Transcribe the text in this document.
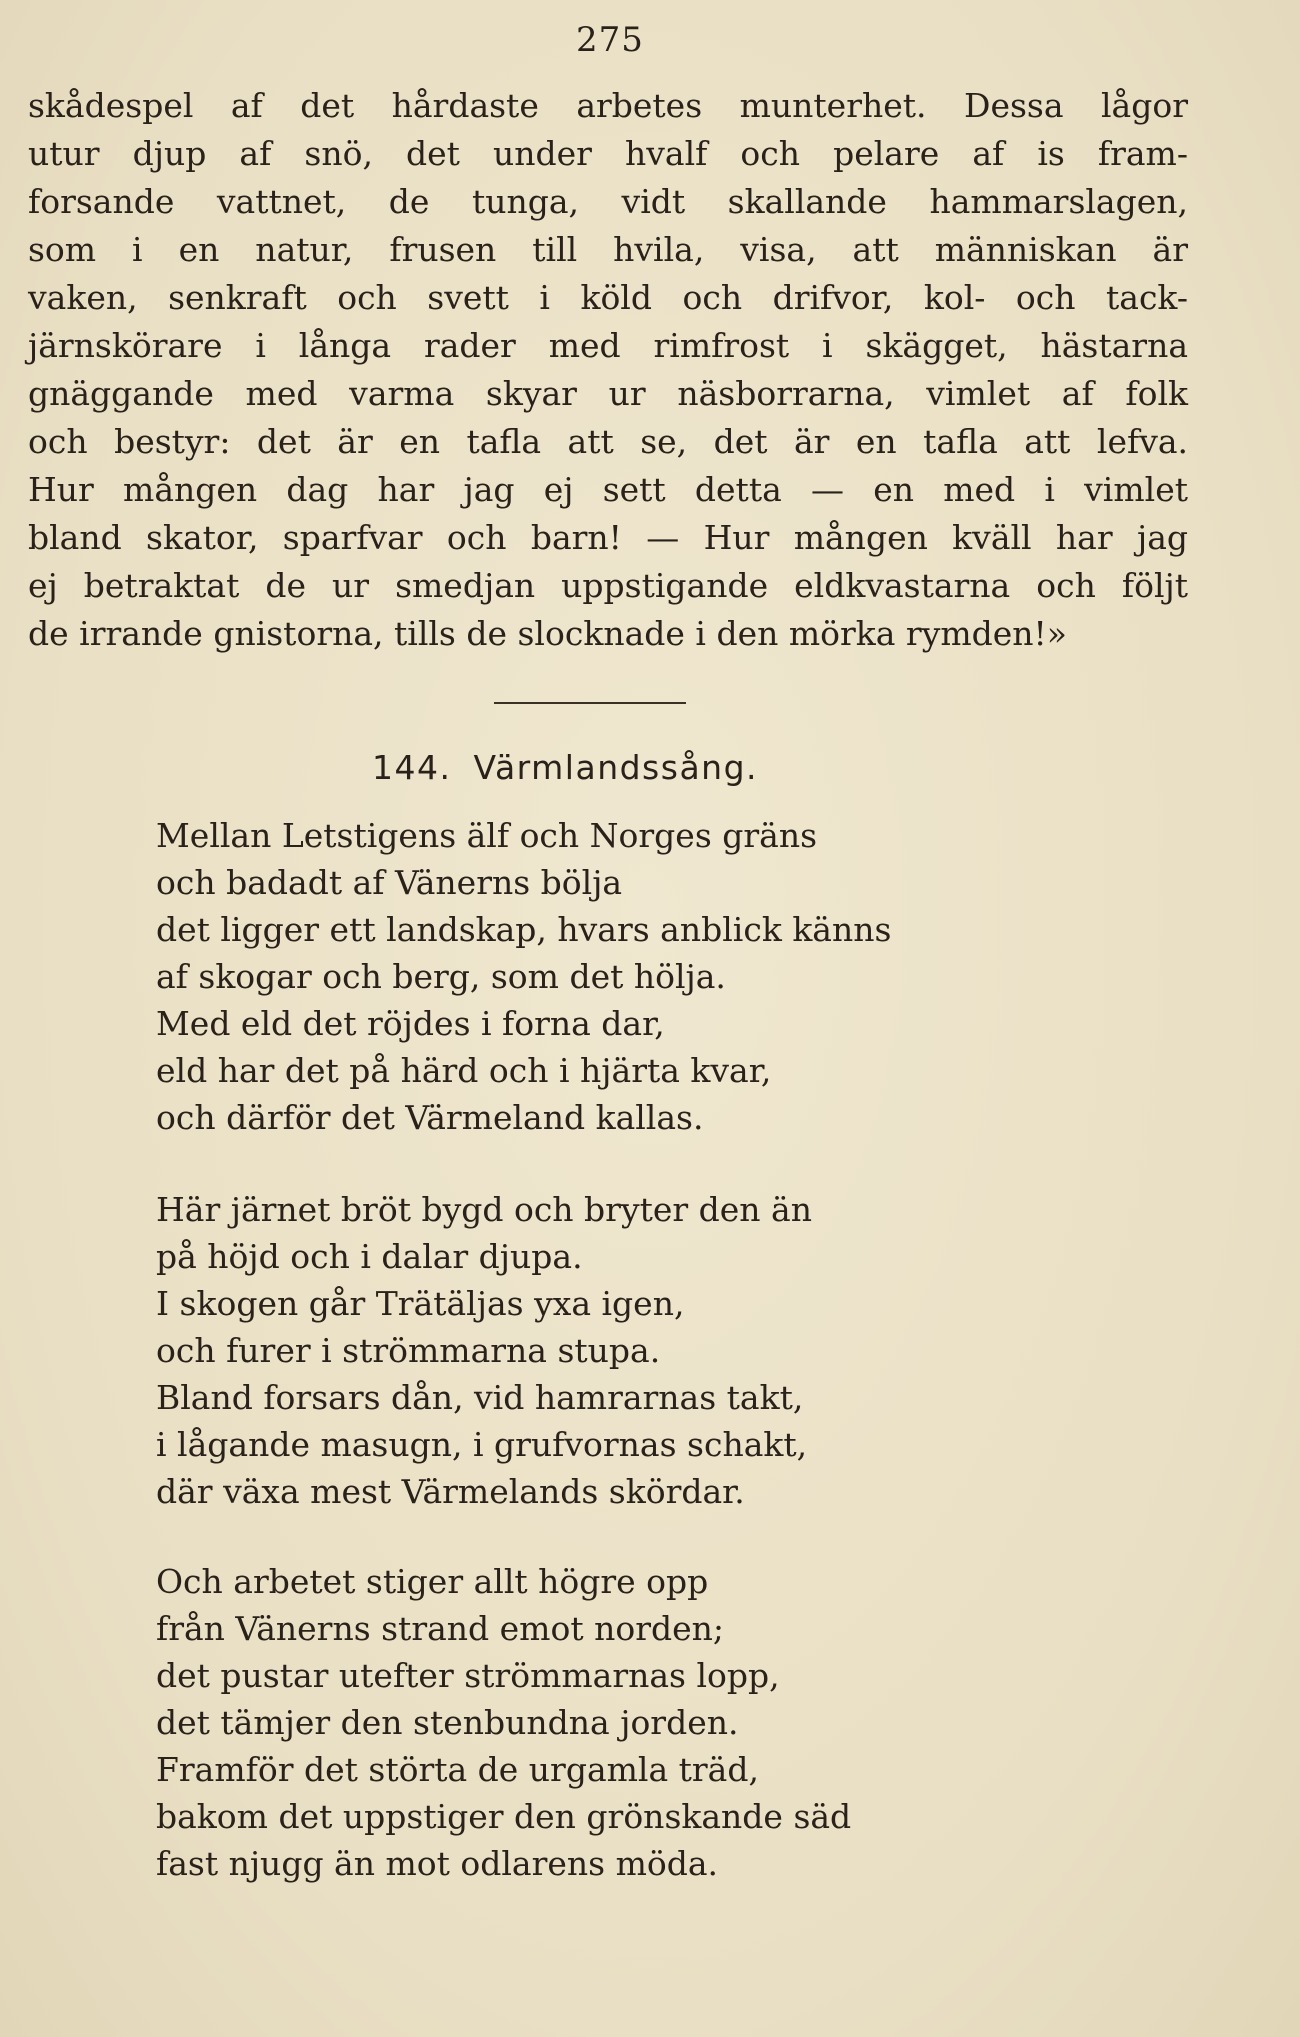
275
skådespel af det hårdaste arbetes munterhet. Dessa lågor
utur djup af snö, det under hvalf och pelare af is fram-
forsande vattnet, de tunga, vidt skallande hammarslagen,
som i en natur, frusen till hvila, visa, att människan är
vaken, senkraft och svett i köld och drifvor, kol- och tack-
järnskörare i långa rader med rimfrost i skägget, hästarna
gnäggande med varma skyar ur näsborrarna, vimlet af folk
och bestyr: det är en tafla att se, det är en tafla att lefva.
Hur mången dag har jag ej sett detta — en med i vimlet
bland skator, sparfvar och barn! — Hur mången kväll har jag
ej betraktat de ur smedjan uppstigande eldkvastarna och följt
de irrande gnistorna, tills de slocknade i den mörka rymden!»
144. Värmlandssång.
Mellan Letstigens älf och Norges gräns
och badadt af Vänerns bölja
det ligger ett landskap, hvars anblick känns
af skogar och berg, som det hölja.
Med eld det röjdes i forna dar,
eld har det på härd och i hjärta kvar,
och därför det Värmeland kallas.
Här järnet bröt bygd och bryter den än
på höjd och i dalar djupa.
I skogen går Trätäljas yxa igen,
och furer i strömmarna stupa.
Bland forsars dån, vid hamrarnas takt,
i lågande masugn, i grufvornas schakt,
där växa mest Värmelands skördar.
Och arbetet stiger allt högre opp
från Vänerns strand emot norden;
det pustar utefter strömmarnas lopp,
det tämjer den stenbundna jorden.
Framför det störta de urgamla träd,
bakom det uppstiger den grönskande säd
fast njugg än mot odlarens möda.
